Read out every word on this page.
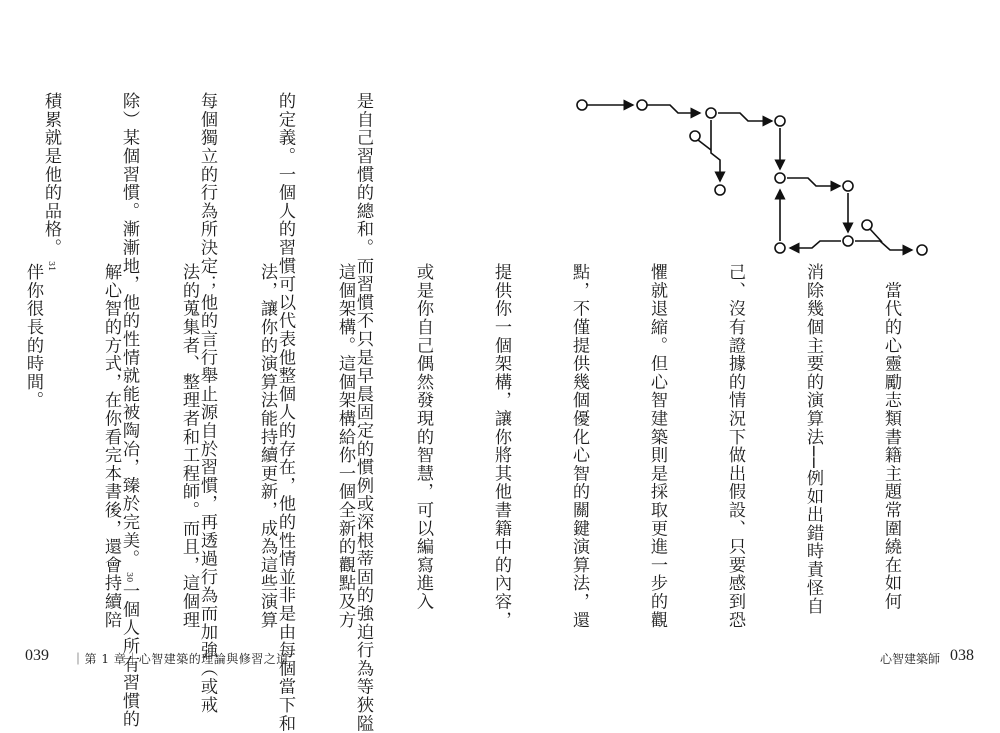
是自己習慣的總和。而習慣不只是早晨固定的慣例或深根蒂固的強迫行為等狹隘

的定義。一個人的習慣可以代表他整個人的存在，他的性情並非是由每個當下和

每個獨立的行為所決定；他的言行舉止源自於習慣，再透過行為而加強（或戒

除）某個習慣。漸漸地，他的性情就能被陶冶，臻於完美。30一個人所有習慣的

積累就是他的品格。31

039 ｜第 1 章｜心智建築的理論與修習之道

　當代的心靈勵志類書籍主題常圍繞在如何

消除幾個主要的演算法──例如出錯時責怪自

己、沒有證據的情況下做出假設、只要感到恐

懼就退縮。但心智建築則是採取更進一步的觀

點，不僅提供幾個優化心智的關鍵演算法，還

提供你一個架構，讓你將其他書籍中的內容，

或是你自己偶然發現的智慧，可以編寫進入

這個架構。這個架構給你一個全新的觀點及方

法，讓你的演算法能持續更新，成為這些演算

法的蒐集者、整理者和工程師。而且，這個理

解心智的方式，在你看完本書後，還會持續陪

伴你很長的時間。

心智建築師 038
